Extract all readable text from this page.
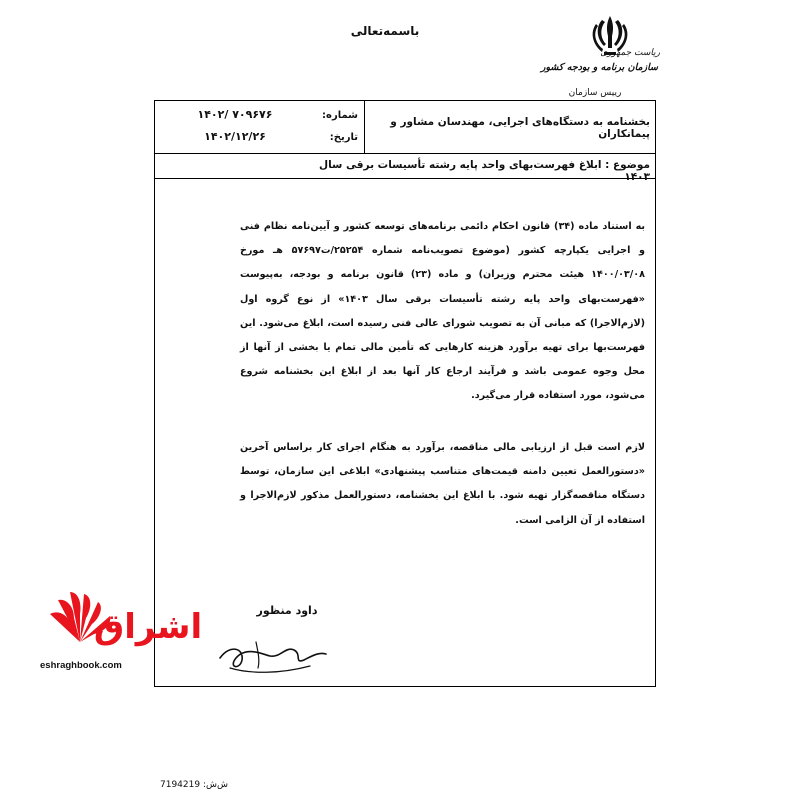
باسمه‌تعالی
ریاست جمهوری
سازمان برنامه و بودجه کشور
رییس سازمان
بخشنامه به دستگاه‌های اجرایی، مهندسان مشاور و پیمانکاران
شماره:
۱۴۰۲/ ۷۰۹۶۷۶
تاریخ:
۱۴۰۲/۱۲/۲۶
موضوع : ابلاغ فهرست‌بهای واحد پایه رشته تأسیسات برقی سال ۱۴۰۳
به استناد ماده (۳۴) قانون احکام دائمی برنامه‌های توسعه کشور و آیین‌نامه نظام فنی و اجرایی یکپارچه کشور (موضوع تصویب‌نامه شماره ۲۵۲۵۴/ت۵۷۶۹۷ هـ مورخ ۱۴۰۰/۰۳/۰۸ هیئت محترم وزیران) و ماده (۲۳) قانون برنامه و بودجه، به‌پیوست «فهرست‌بهای واحد پایه رشته تأسیسات برقی سال ۱۴۰۳» از نوع گروه اول (لازم‌الاجرا) که مبانی آن به تصویب شورای عالی فنی رسیده است، ابلاغ می‌شود. این فهرست‌بها برای تهیه برآورد هزینه کارهایی که تأمین مالی تمام یا بخشی از آنها از محل وجوه عمومی باشد و فرآیند ارجاع کار آنها بعد از ابلاغ این بخشنامه شروع می‌شود، مورد استفاده قرار می‌گیرد.
لازم است قبل از ارزیابی مالی مناقصه، برآورد به هنگام اجرای کار براساس آخرین «دستورالعمل تعیین دامنه قیمت‌های متناسب پیشنهادی» ابلاغی این سازمان، توسط دستگاه مناقصه‌گزار تهیه شود. با ابلاغ این بخشنامه، دستورالعمل مذکور لازم‌الاجرا و استفاده از آن الزامی است.
داود منظور
اشراق
eshraghbook.com
ش‌ش: 7194219
